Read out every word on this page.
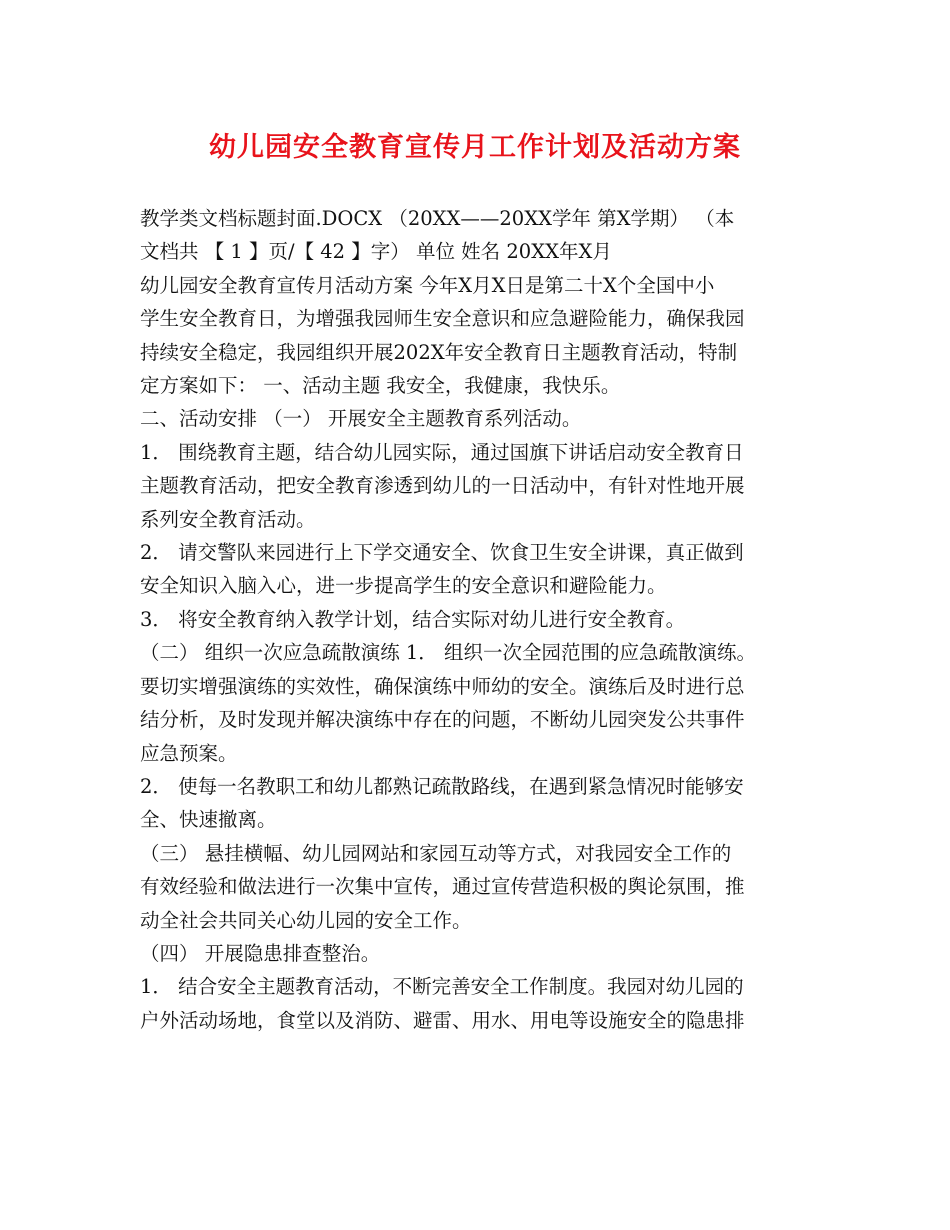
幼儿园安全教育宣传月工作计划及活动方案
教学类文档标题封面.DOCX （20XX——20XX学年 第X学期） （本
文档共 【 1 】页/【 42 】字） 单位 姓名 20XX年X月
幼儿园安全教育宣传月活动方案 今年X月X日是第二十X个全国中小
学生安全教育日，为增强我园师生安全意识和应急避险能力，确保我园
持续安全稳定，我园组织开展202X年安全教育日主题教育活动，特制
定方案如下： 一、活动主题 我安全，我健康，我快乐。
二、活动安排 （一） 开展安全主题教育系列活动。
1． 围绕教育主题，结合幼儿园实际，通过国旗下讲话启动安全教育日
主题教育活动，把安全教育渗透到幼儿的一日活动中，有针对性地开展
系列安全教育活动。
2． 请交警队来园进行上下学交通安全、饮食卫生安全讲课，真正做到
安全知识入脑入心，进一步提高学生的安全意识和避险能力。
3． 将安全教育纳入教学计划，结合实际对幼儿进行安全教育。
（二） 组织一次应急疏散演练 1． 组织一次全园范围的应急疏散演练。
要切实增强演练的实效性，确保演练中师幼的安全。演练后及时进行总
结分析，及时发现并解决演练中存在的问题，不断幼儿园突发公共事件
应急预案。
2． 使每一名教职工和幼儿都熟记疏散路线，在遇到紧急情况时能够安
全、快速撤离。
（三） 悬挂横幅、幼儿园网站和家园互动等方式，对我园安全工作的
有效经验和做法进行一次集中宣传，通过宣传营造积极的舆论氛围，推
动全社会共同关心幼儿园的安全工作。
（四） 开展隐患排查整治。
1． 结合安全主题教育活动，不断完善安全工作制度。我园对幼儿园的
户外活动场地，食堂以及消防、避雷、用水、用电等设施安全的隐患排
